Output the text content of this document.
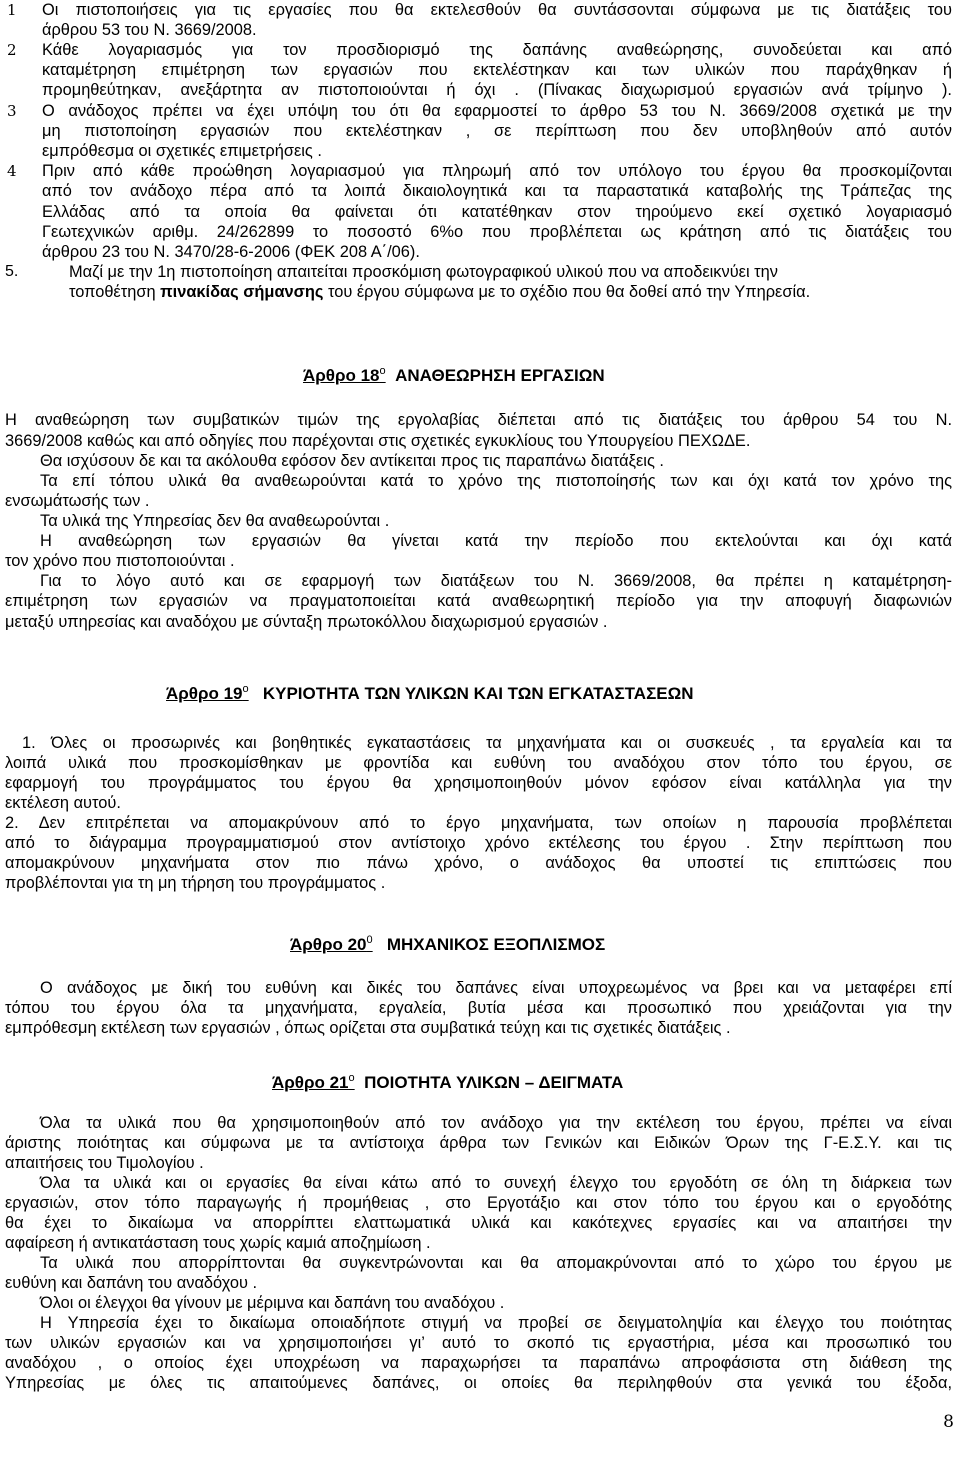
1 Οι πιστοποιήσεις για τις εργασίες που θα εκτελεσθούν θα συντάσσονται σύμφωνα με τις διατάξεις του
άρθρου 53 του Ν. 3669/2008.
2 Κάθε λογαριασμός για τον προσδιορισμό της δαπάνης αναθεώρησης, συνοδεύεται και από
καταμέτρηση επιμέτρηση των εργασιών που εκτελέστηκαν και των υλικών που παράχθηκαν ή
προμηθεύτηκαν, ανεξάρτητα αν πιστοποιούνται ή όχι . (Πίνακας διαχωρισμού εργασιών ανά τρίμηνο ).
3 Ο ανάδοχος πρέπει να έχει υπόψη του ότι θα εφαρμοστεί το άρθρο 53 του Ν. 3669/2008 σχετικά με την
μη πιστοποίηση εργασιών που εκτελέστηκαν , σε περίπτωση που δεν υποβληθούν από αυτόν
εμπρόθεσμα οι σχετικές επιμετρήσεις .
4 Πριν από κάθε προώθηση λογαριασμού για πληρωμή από τον υπόλογο του έργου θα προσκομίζονται
από τον ανάδοχο πέρα από τα λοιπά δικαιολογητικά και τα παραστατικά καταβολής της Τράπεζας της
Ελλάδας από τα οποία θα φαίνεται ότι κατατέθηκαν στον τηρούμενο εκεί σχετικό λογαριασμό
Γεωτεχνικών αριθμ. 24/262899 το ποσοστό 6%ο που προβλέπεται ως κράτηση από τις διατάξεις του
άρθρου 23 του Ν. 3470/28-6-2006 (ΦΕΚ 208 Α΄/06).
5.	Μαζί με την 1η πιστοποίηση απαιτείται προσκόμιση φωτογραφικού υλικού που να αποδεικνύει την
τοποθέτηση πινακίδας σήμανσης του έργου σύμφωνα με το σχέδιο που θα δοθεί από την Υπηρεσία.
Άρθρο $18^o$ ΑΝΑΘΕΩΡΗΣΗ ΕΡΓΑΣΙΩΝ
Η αναθεώρηση των συμβατικών τιμών της εργολαβίας διέπεται από τις διατάξεις του άρθρου 54 του Ν.
3669/2008 καθώς και από οδηγίες που παρέχονται στις σχετικές εγκυκλίους του Υπουργείου ΠΕΧΩΔΕ.
Θα ισχύσουν δε και τα ακόλουθα εφόσον δεν αντίκειται προς τις παραπάνω διατάξεις .
Τα επί τόπου υλικά θα αναθεωρούνται κατά το χρόνο της πιστοποίησής των και όχι κατά τον χρόνο της
ενσωμάτωσής των .
Τα υλικά της Υπηρεσίας δεν θα αναθεωρούνται .
Η αναθεώρηση των εργασιών θα γίνεται κατά την περίοδο που εκτελούνται και όχι κατά
τον χρόνο που πιστοποιούνται .
Για το λόγο αυτό και σε εφαρμογή των διατάξεων του Ν. 3669/2008, θα πρέπει η καταμέτρηση-
επιμέτρηση των εργασιών να πραγματοποιείται κατά αναθεωρητική περίοδο για την αποφυγή διαφωνιών
μεταξύ υπηρεσίας και αναδόχου με σύνταξη πρωτοκόλλου διαχωρισμού εργασιών .
Άρθρο $19^o$ ΚΥΡΙΟΤΗΤΑ ΤΩΝ ΥΛΙΚΩΝ ΚΑΙ ΤΩΝ ΕΓΚΑΤΑΣΤΑΣΕΩΝ
1. Όλες οι προσωρινές και βοηθητικές εγκαταστάσεις τα μηχανήματα και οι συσκευές , τα εργαλεία και τα
λοιπά υλικά που προσκομίσθηκαν με φροντίδα και ευθύνη του αναδόχου στον τόπο του έργου, σε
εφαρμογή του προγράμματος του έργου θα χρησιμοποιηθούν μόνον εφόσον είναι κατάλληλα για την
εκτέλεση αυτού.
2. Δεν επιτρέπεται να απομακρύνουν από το έργο μηχανήματα, των οποίων η παρουσία προβλέπεται
από το διάγραμμα προγραμματισμού στον αντίστοιχο χρόνο εκτέλεσης του έργου . Στην περίπτωση που
απομακρύνουν μηχανήματα στον πιο πάνω χρόνο, ο ανάδοχος θα υποστεί τις επιπτώσεις που
προβλέπονται για τη μη τήρηση του προγράμματος .
Άρθρο $20^0$ ΜΗΧΑΝΙΚΟΣ ΕΞΟΠΛΙΣΜΟΣ
Ο ανάδοχος με δική του ευθύνη και δικές του δαπάνες είναι υποχρεωμένος να βρει και να μεταφέρει επί
τόπου του έργου όλα τα μηχανήματα, εργαλεία, βυτία μέσα και προσωπικό που χρειάζονται για την
εμπρόθεσμη εκτέλεση των εργασιών , όπως ορίζεται στα συμβατικά τεύχη και τις σχετικές διατάξεις .
Άρθρο $21^o$ ΠΟΙΟΤΗΤΑ ΥΛΙΚΩΝ – ΔΕΙΓΜΑΤΑ
Όλα τα υλικά που θα χρησιμοποιηθούν από τον ανάδοχο για την εκτέλεση του έργου, πρέπει να είναι
άριστης ποιότητας και σύμφωνα με τα αντίστοιχα άρθρα των Γενικών και Ειδικών Όρων της Γ-Ε.Σ.Υ. και τις
απαιτήσεις του Τιμολογίου .
Όλα τα υλικά και οι εργασίες θα είναι κάτω από το συνεχή έλεγχο του εργοδότη σε όλη τη διάρκεια των
εργασιών, στον τόπο παραγωγής ή προμήθειας , στο Εργοτάξιο και στον τόπο του έργου και ο εργοδότης
θα έχει το δικαίωμα να απορρίπτει ελαττωματικά υλικά και κακότεχνες εργασίες και να απαιτήσει την
αφαίρεση ή αντικατάσταση τους χωρίς καμιά αποζημίωση .
Τα υλικά που απορρίπτονται θα συγκεντρώνονται και θα απομακρύνονται από το χώρο του έργου με
ευθύνη και δαπάνη του αναδόχου .
Όλοι οι έλεγχοι θα γίνουν με μέριμνα και δαπάνη του αναδόχου .
Η Υπηρεσία έχει το δικαίωμα οποιαδήποτε στιγμή να προβεί σε δειγματοληψία και έλεγχο του ποιότητας
των υλικών εργασιών και να χρησιμοποιήσει γι’ αυτό το σκοπό τις εργαστήρια, μέσα και προσωπικό του
αναδόχου , ο οποίος έχει υποχρέωση να παραχωρήσει τα παραπάνω απροφάσιστα στη διάθεση της
Υπηρεσίας με όλες τις απαιτούμενες δαπάνες, οι οποίες θα περιληφθούν στα γενικά του έξοδα,
8
